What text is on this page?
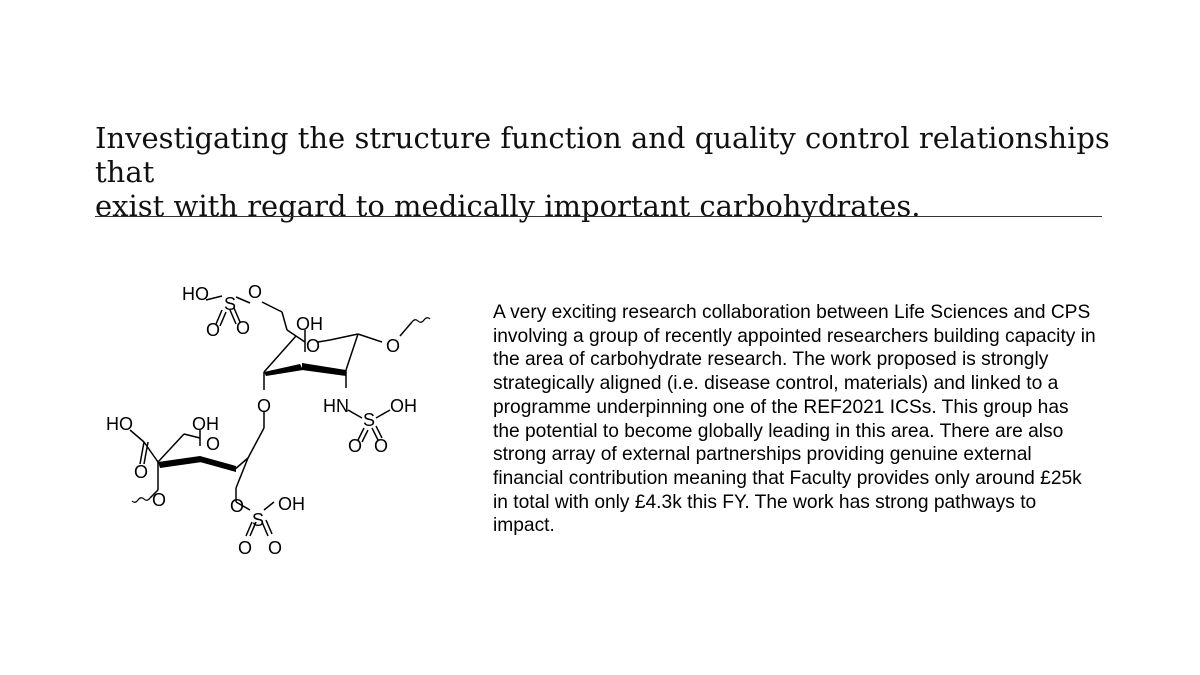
Investigating the structure function and quality control relationships that
exist with regard to medically important carbohydrates.
HO S
O
O O	OH
O	O
O	HN
S
OH
O O
HO	OH
O
O
O	O
S
OH
O O

A very exciting research collaboration between Life Sciences and CPS involving a group of recently appointed researchers building capacity in the area of carbohydrate research. The work proposed is strongly strategically aligned (i.e. disease control, materials) and linked to a programme underpinning one of the REF2021 ICSs. This group has the potential to become globally leading in this area. There are also strong array of external partnerships providing genuine external financial contribution meaning that Faculty provides only around £25k in total with only £4.3k this FY. The work has strong pathways to impact.
